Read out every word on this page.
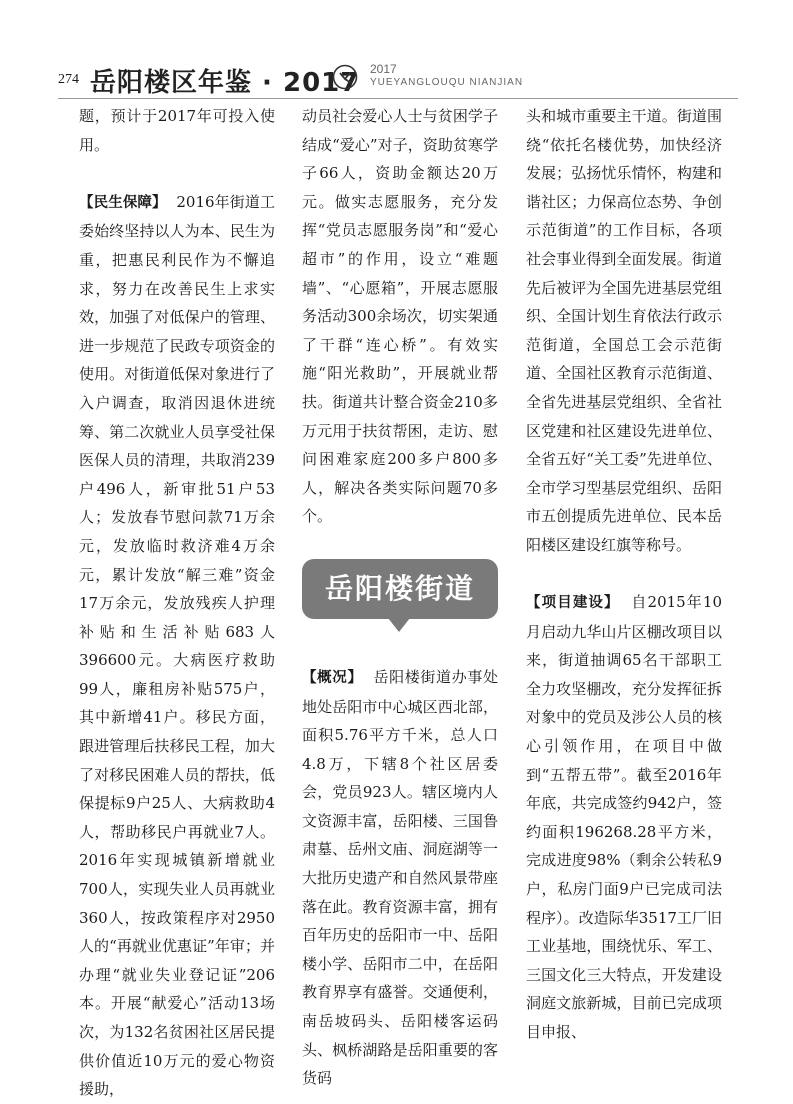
274 岳阳楼区年鉴 · 2017 2017
YUEYANGLOUQU NIANJIAN

题，预计于2017年可投入使用。

【民生保障】 2016年街道工委始终坚持以人为本、民生为重，把惠民利民作为不懈追求，努力在改善民生上求实效，加强了对低保户的管理、进一步规范了民政专项资金的使用。对街道低保对象进行了入户调查，取消因退休进统筹、第二次就业人员享受社保医保人员的清理，共取消239户496人，新审批51户53人；发放春节慰问款71万余元，发放临时救济难4万余元，累计发放“解三难”资金17万余元，发放残疾人护理补贴和生活补贴683人396600元。大病医疗救助99人，廉租房补贴575户，其中新增41户。移民方面，跟进管理后扶移民工程，加大了对移民困难人员的帮扶，低保提标9户25人、大病救助4人，帮助移民户再就业7人。2016年实现城镇新增就业700人，实现失业人员再就业360人，按政策程序对2950人的“再就业优惠证”年审；并办理“就业失业登记证”206本。开展“献爱心”活动13场次，为132名贫困社区居民提供价值近10万元的爱心物资援助，

动员社会爱心人士与贫困学子结成“爱心”对子，资助贫寒学子66人，资助金额达20万元。做实志愿服务，充分发挥“党员志愿服务岗”和“爱心超市”的作用，设立“难题墙”、“心愿箱”，开展志愿服务活动300余场次，切实架通了干群“连心桥”。有效实施“阳光救助”，开展就业帮扶。街道共计整合资金210多万元用于扶贫帮困，走访、慰问困难家庭200多户800多人，解决各类实际问题70多个。

岳阳楼街道

【概况】 岳阳楼街道办事处地处岳阳市中心城区西北部，面积5.76平方千米，总人口4.8万，下辖8个社区居委会，党员923人。辖区境内人文资源丰富，岳阳楼、三国鲁肃墓、岳州文庙、洞庭湖等一大批历史遗产和自然风景带座落在此。教育资源丰富，拥有百年历史的岳阳市一中、岳阳楼小学、岳阳市二中，在岳阳教育界享有盛誉。交通便利，南岳坡码头、岳阳楼客运码头、枫桥湖路是岳阳重要的客货码

头和城市重要主干道。街道围绕“依托名楼优势，加快经济发展；弘扬忧乐情怀，构建和谐社区；力保高位态势、争创示范街道”的工作目标，各项社会事业得到全面发展。街道先后被评为全国先进基层党组织、全国计划生育依法行政示范街道，全国总工会示范街道、全国社区教育示范街道、全省先进基层党组织、全省社区党建和社区建设先进单位、全省五好“关工委”先进单位、全市学习型基层党组织、岳阳市五创提质先进单位、民本岳阳楼区建设红旗等称号。

【项目建设】 自2015年10月启动九华山片区棚改项目以来，街道抽调65名干部职工全力攻坚棚改，充分发挥征拆对象中的党员及涉公人员的核心引领作用，在项目中做到“五帮五带”。截至2016年年底，共完成签约942户，签约面积196268.28平方米，完成进度98%（剩余公转私9户，私房门面9户已完成司法程序）。改造际华3517工厂旧工业基地，围绕忧乐、军工、三国文化三大特点，开发建设洞庭文旅新城，目前已完成项目申报、
